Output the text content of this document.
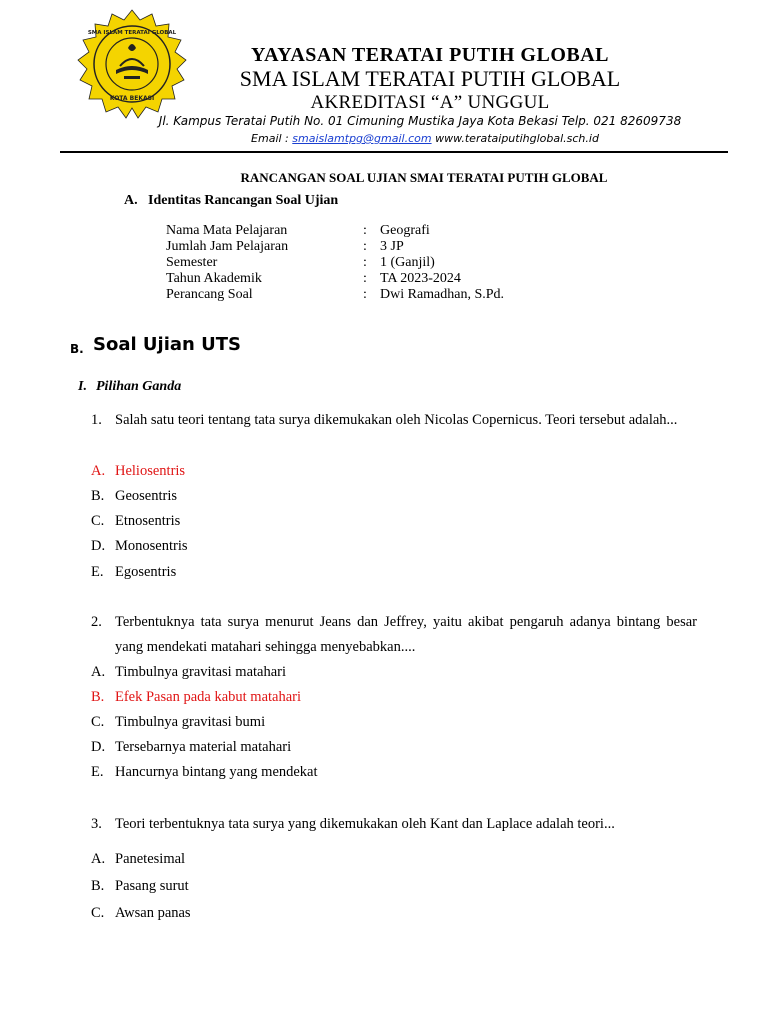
SMA ISLAM TERATAI GLOBAL
KOTA BEKASI
YAYASAN TERATAI PUTIH GLOBAL
SMA ISLAM TERATAI PUTIH GLOBAL
AKREDITASI “A” UNGGUL
Jl. Kampus Teratai Putih No. 01 Cimuning Mustika Jaya Kota Bekasi Telp. 021 82609738
Email : smaislamtpg@gmail.com www.terataiputihglobal.sch.id
RANCANGAN SOAL UJIAN SMAI TERATAI PUTIH GLOBAL
A. Identitas Rancangan Soal Ujian
Nama Mata Pelajaran	: Geografi
Jumlah Jam Pelajaran	: 3 JP
Semester	: 1 (Ganjil)
Tahun Akademik	: TA 2023-2024
Perancang Soal	: Dwi Ramadhan, S.Pd.
B. Soal Ujian UTS
I. Pilihan Ganda
1. Salah satu teori tentang tata surya dikemukakan oleh Nicolas Copernicus. Teori tersebut adalah...
A. Heliosentris
B. Geosentris
C. Etnosentris
D. Monosentris
E. Egosentris
2. Terbentuknya tata surya menurut Jeans dan Jeffrey, yaitu akibat pengaruh adanya bintang besar yang mendekati matahari sehingga menyebabkan....
A. Timbulnya gravitasi matahari
B. Efek Pasan pada kabut matahari
C. Timbulnya gravitasi bumi
D. Tersebarnya material matahari
E. Hancurnya bintang yang mendekat
3. Teori terbentuknya tata surya yang dikemukakan oleh Kant dan Laplace adalah teori...
A. Panetesimal
B. Pasang surut
C. Awsan panas
